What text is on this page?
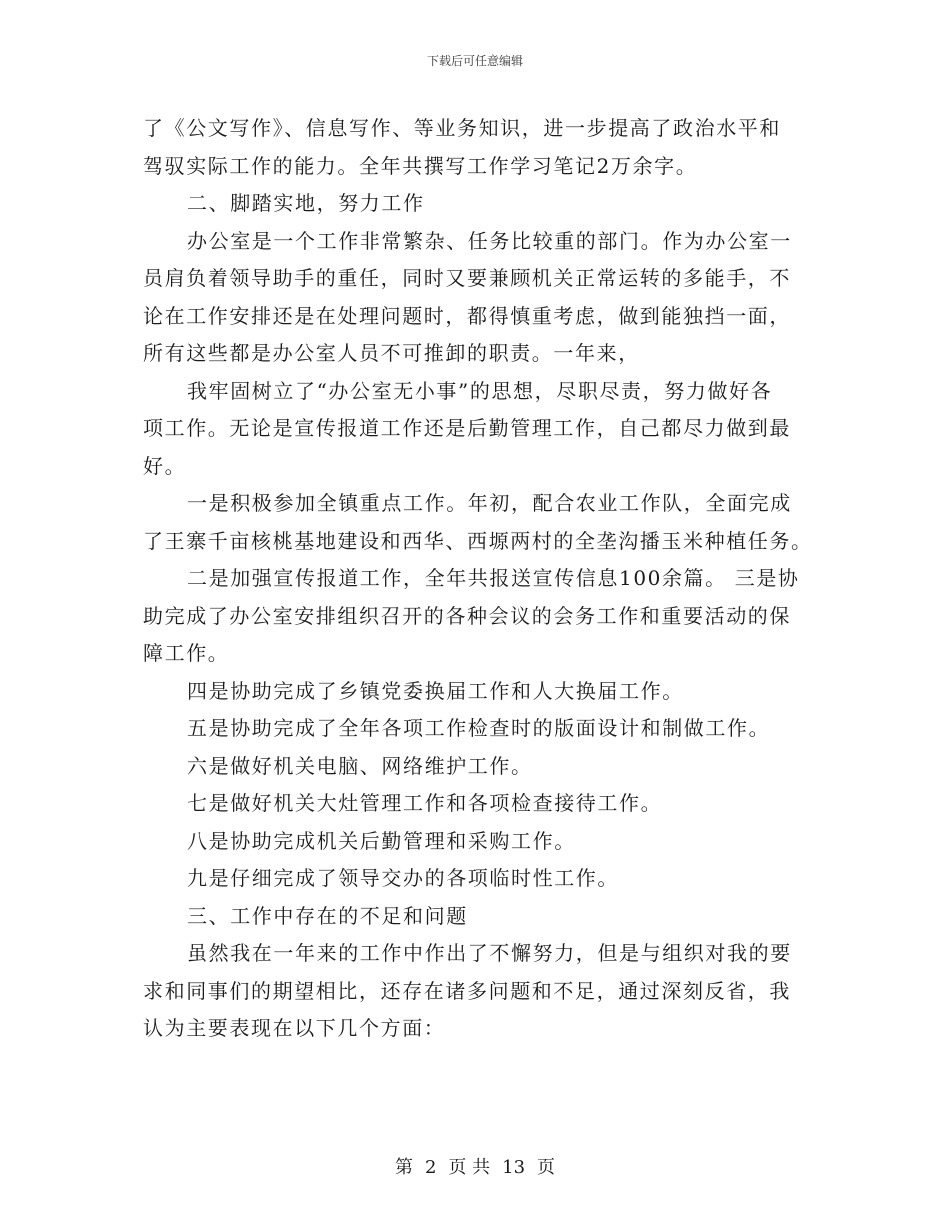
下载后可任意编辑
了《公文写作》、信息写作、等业务知识，进一步提高了政治水平和
驾驭实际工作的能力。全年共撰写工作学习笔记2万余字。
二、脚踏实地，努力工作
办公室是一个工作非常繁杂、任务比较重的部门。作为办公室一
员肩负着领导助手的重任，同时又要兼顾机关正常运转的多能手，不
论在工作安排还是在处理问题时，都得慎重考虑，做到能独挡一面，
所有这些都是办公室人员不可推卸的职责。一年来，
我牢固树立了“办公室无小事”的思想，尽职尽责，努力做好各
项工作。无论是宣传报道工作还是后勤管理工作，自己都尽力做到最
好。
一是积极参加全镇重点工作。年初，配合农业工作队，全面完成
了王寨千亩核桃基地建设和西华、西塬两村的全垄沟播玉米种植任务。
二是加强宣传报道工作，全年共报送宣传信息100余篇。 三是协
助完成了办公室安排组织召开的各种会议的会务工作和重要活动的保
障工作。
四是协助完成了乡镇党委换届工作和人大换届工作。
五是协助完成了全年各项工作检查时的版面设计和制做工作。
六是做好机关电脑、网络维护工作。
七是做好机关大灶管理工作和各项检查接待工作。
八是协助完成机关后勤管理和采购工作。
九是仔细完成了领导交办的各项临时性工作。
三、工作中存在的不足和问题
虽然我在一年来的工作中作出了不懈努力，但是与组织对我的要
求和同事们的期望相比，还存在诸多问题和不足，通过深刻反省，我
认为主要表现在以下几个方面：
第 2 页 共 13 页
